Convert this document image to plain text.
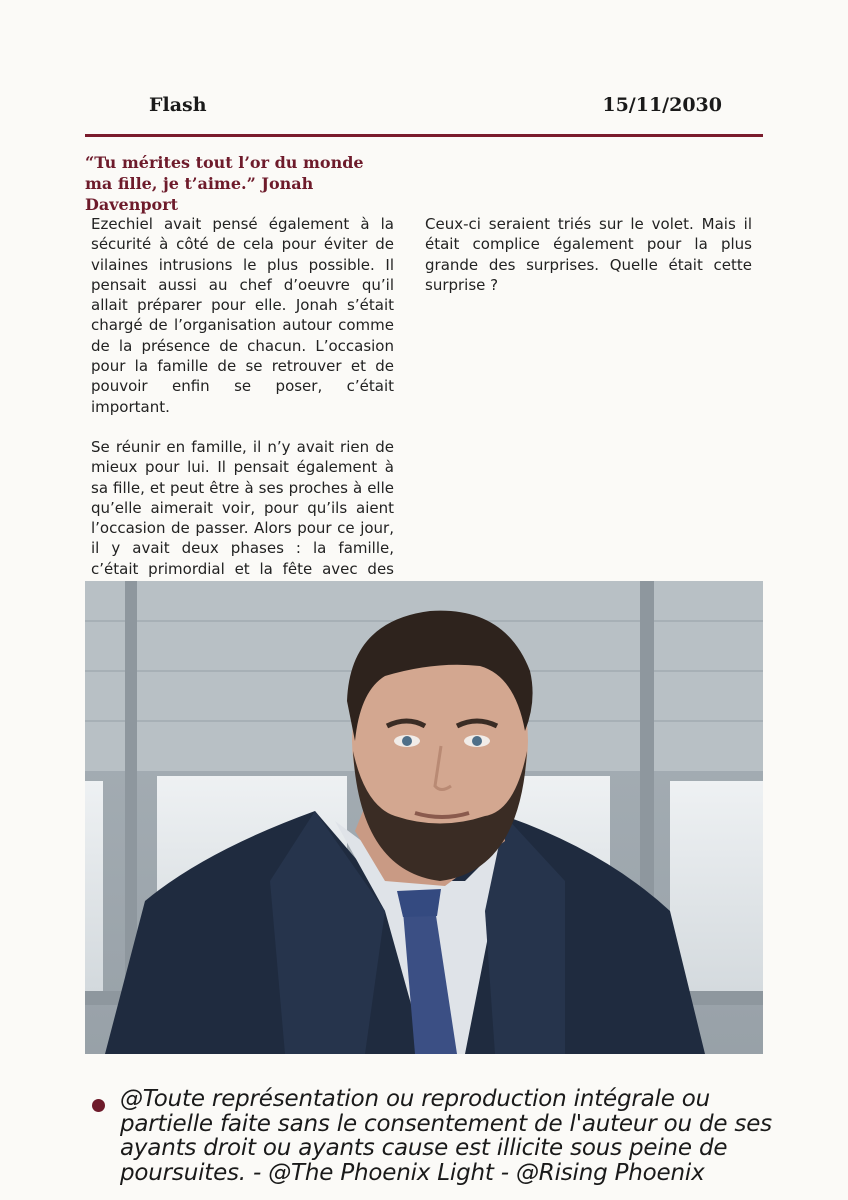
Flash	15/11/2030
“Tu mérites tout l’or du monde ma fille, je t’aime.” Jonah Davenport

Ezechiel avait pensé également à la sécurité à côté de cela pour éviter de vilaines intrusions le plus possible. Il pensait aussi au chef d’oeuvre qu’il allait préparer pour elle. Jonah s’était chargé de l’organisation autour comme de la présence de chacun. L’occasion pour la famille de se retrouver et de pouvoir enfin se poser, c’était important.

Se réunir en famille, il n’y avait rien de mieux pour lui. Il pensait également à sa fille, et peut être à ses proches à elle qu’elle aimerait voir, pour qu’ils aient l’occasion de passer. Alors pour ce jour, il y avait deux phases : la famille, c’était primordial et la fête avec des

Ceux-ci seraient triés sur le volet. Mais il était complice également pour la plus grande des surprises. Quelle était cette surprise ?

@Toute représentation ou reproduction intégrale ou partielle faite sans le consentement de l'auteur ou de ses ayants droit ou ayants cause est illicite sous peine de poursuites. - @The Phoenix Light - @Rising Phoenix
